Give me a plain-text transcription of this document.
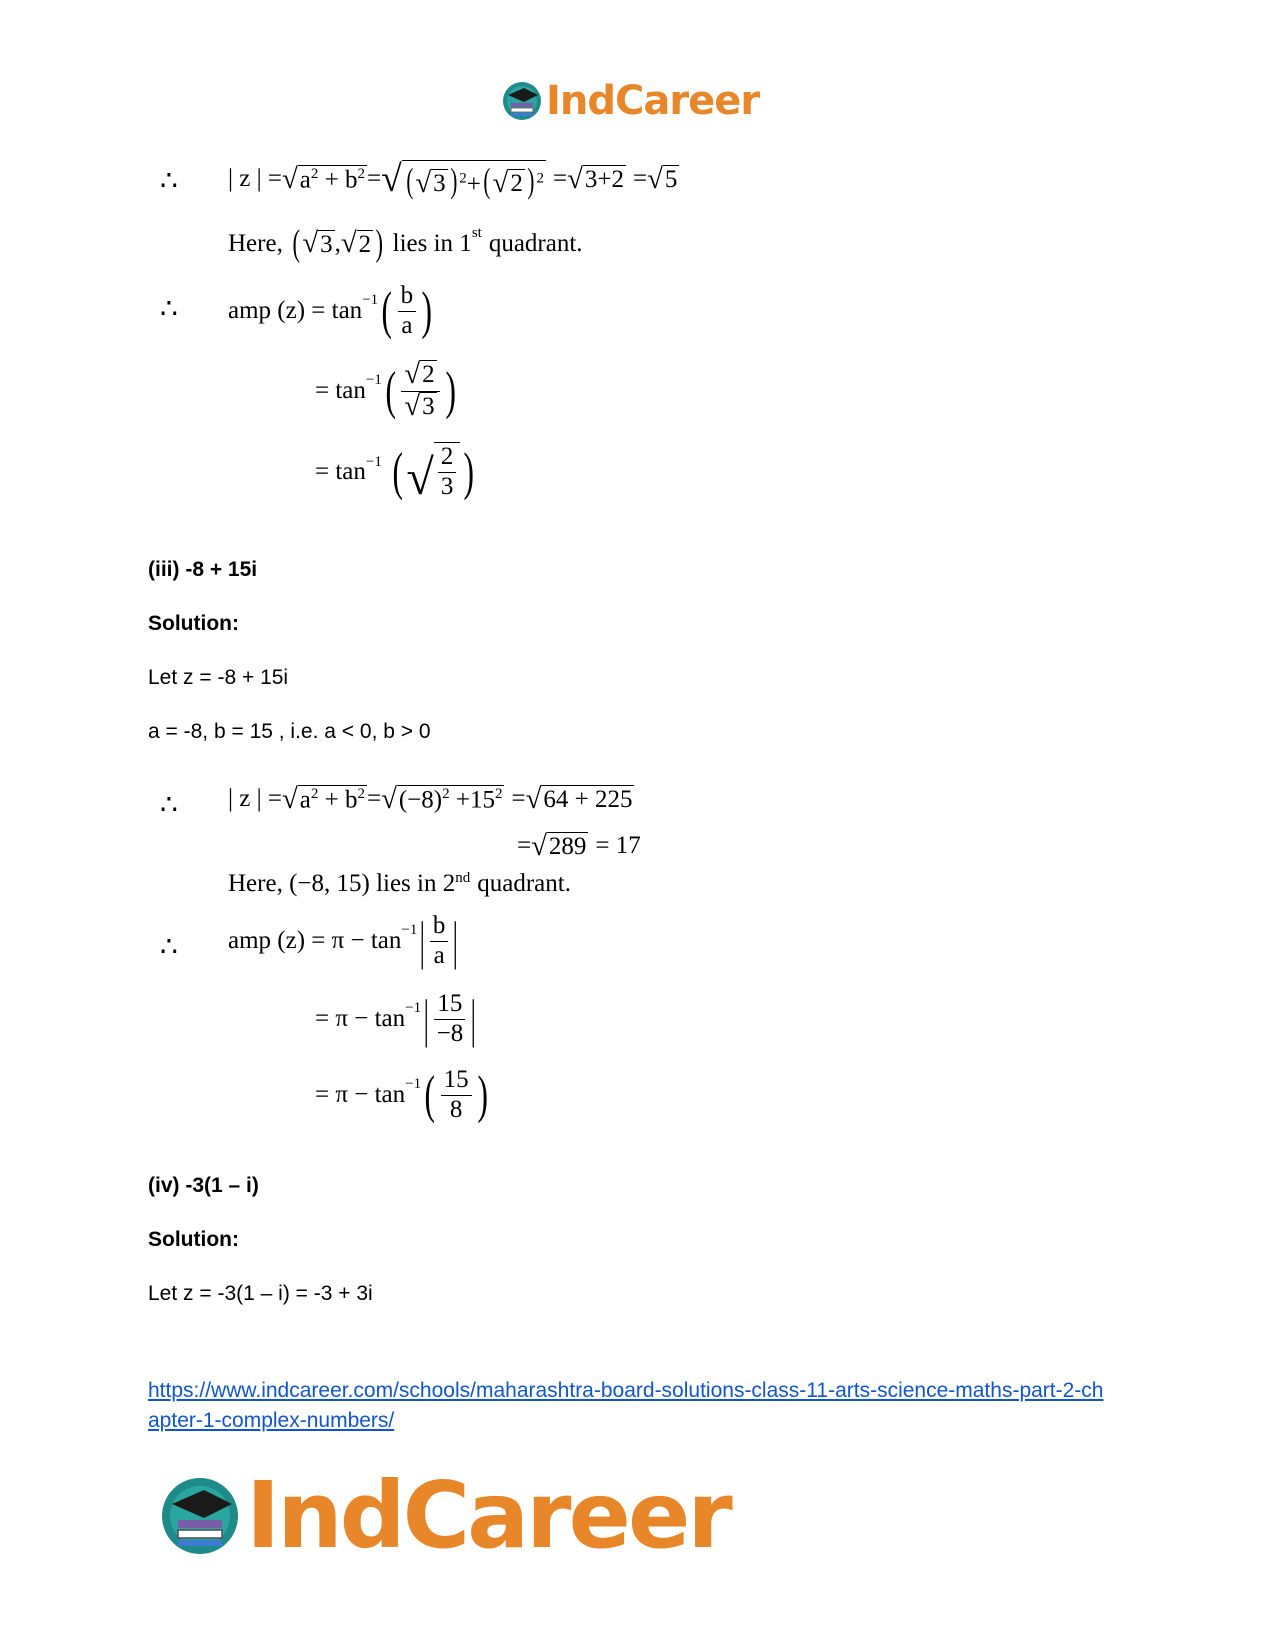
IndCareer
∴ | z | = √ $a^2 + b^2$ = √ ( √ 3 ) $^2$+( √ 2 ) $^2$ = √ 3+2 = √ 5
Here, ( √ 3 , √ 2 ) lies in 1st quadrant.
∴ amp $(z) = \tan^{-1}$ ( $\frac{b}{a}$ )
= $\tan^{-1}$ ( $\frac{√ 2}{√ 3}$ )
= $\tan^{-1}$ ( √ $\frac{2}{3}$ )
(iii) -8 + 15i
Solution:
Let z = -8 + 15i
a = -8, b = 15 , i.e. a < 0, b > 0
∴ | z | = √ $a^2 + b^2$ = √ $(-8)^2 +15^2$ = √ 64 + 225
= √ 289 = 17
Here, (−8, 15) lies in 2nd quadrant.
∴ amp $(z) = \pi - \tan^{-1}$ | $\frac{b}{a}$ |
= $\pi - \tan^{-1}$ | $\frac{15}{-8}$ |
= $\pi - \tan^{-1}$ ( $\frac{15}{8}$ )
(iv) -3(1 – i)
Solution:
Let z = -3(1 – i) = -3 + 3i
https://www.indcareer.com/schools/maharashtra-board-solutions-class-11-arts-science-maths-part-2-chapter-1-complex-numbers/
IndCareer
